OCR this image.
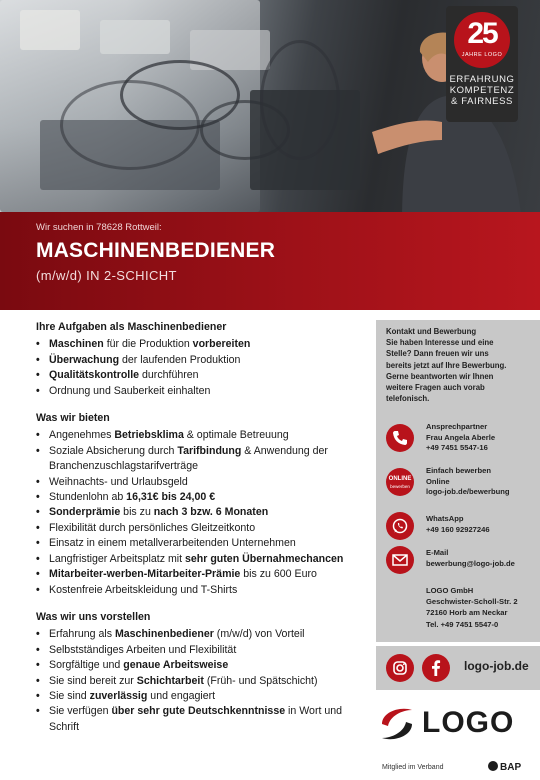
25
JAHRE LOGO
ERFAHRUNG
KOMPETENZ
& FAIRNESS
Wir suchen in 78628 Rottweil:
MASCHINENBEDIENER
(m/w/d) IN 2-SCHICHT
Ihre Aufgaben als Maschinenbediener
• Maschinen für die Produktion vorbereiten
• Überwachung der laufenden Produktion
• Qualitätskontrolle durchführen
• Ordnung und Sauberkeit einhalten
Was wir bieten
• Angenehmes Betriebsklima & optimale Betreuung
• Soziale Absicherung durch Tarifbindung & Anwendung der Branchenzuschlagstarifverträge
• Weihnachts- und Urlaubsgeld
• Stundenlohn ab 16,31€ bis 24,00 €
• Sonderprämie bis zu nach 3 bzw. 6 Monaten
• Flexibilität durch persönliches Gleitzeitkonto
• Einsatz in einem metallverarbeitenden Unternehmen
• Langfristiger Arbeitsplatz mit sehr guten Übernahmechancen
• Mitarbeiter-werben-Mitarbeiter-Prämie bis zu 600 Euro
• Kostenfreie Arbeitskleidung und T-Shirts
Was wir uns vorstellen
• Erfahrung als Maschinenbediener (m/w/d) von Vorteil
• Selbstständiges Arbeiten und Flexibilität
• Sorgfältige und genaue Arbeitsweise
• Sie sind bereit zur Schichtarbeit (Früh- und Spätschicht)
• Sie sind zuverlässig und engagiert
• Sie verfügen über sehr gute Deutschkenntnisse in Wort und Schrift
Kontakt und Bewerbung
Sie haben Interesse und eine
Stelle? Dann freuen wir uns
bereits jetzt auf Ihre Bewerbung.
Gerne beantworten wir Ihnen
weitere Fragen auch vorab
telefonisch.
Ansprechpartner
Frau Angela Aberle
+49 7451 5547-16
ONLINE
bewerben
Einfach bewerben
Online
logo-job.de/bewerbung
WhatsApp
+49 160 92927246
E-Mail
bewerbung@logo-job.de
LOGO GmbH
Geschwister-Scholl-Str. 2
72160 Horb am Neckar
Tel. +49 7451 5547-0
logo-job.de
LOGO
Mitglied im Verband	BAP
